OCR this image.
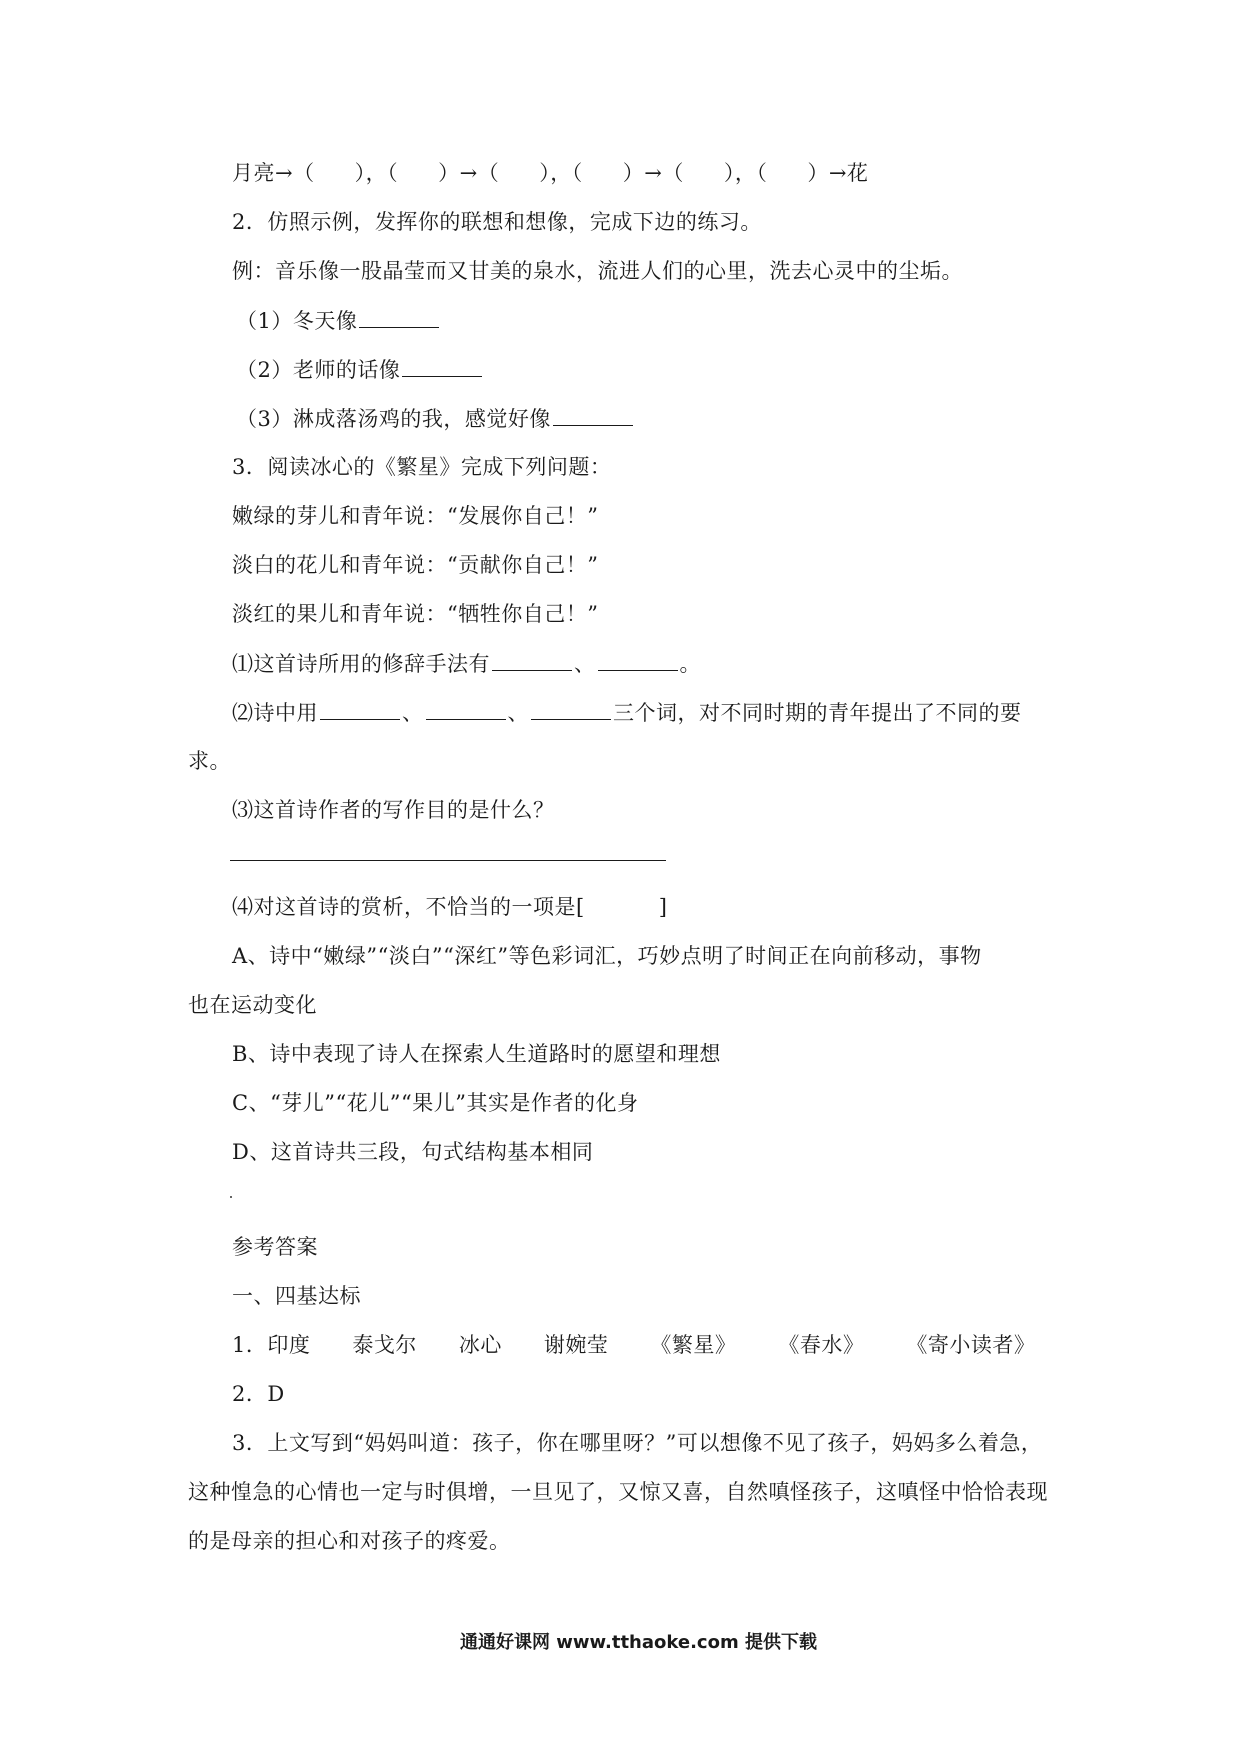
月亮→（ ），（ ）→（ ），（ ）→（ ），（ ）→花
2．仿照示例，发挥你的联想和想像，完成下边的练习。
例：音乐像一股晶莹而又甘美的泉水，流进人们的心里，洗去心灵中的尘垢。
（1）冬天像
（2）老师的话像
（3）淋成落汤鸡的我，感觉好像
3．阅读冰心的《繁星》完成下列问题：
嫩绿的芽儿和青年说：“发展你自己！”
淡白的花儿和青年说：“贡献你自己！”
淡红的果儿和青年说：“牺牲你自己！”
⑴这首诗所用的修辞手法有	、	。
⑵诗中用	、	、	三个词，对不同时期的青年提出了不同的要
求。
⑶这首诗作者的写作目的是什么？
⑷对这首诗的赏析，不恰当的一项是[	]
A、诗中“嫩绿”“淡白”“深红”等色彩词汇，巧妙点明了时间正在向前移动，事物
也在运动变化
B、诗中表现了诗人在探索人生道路时的愿望和理想
C、“芽儿”“花儿”“果儿”其实是作者的化身
D、这首诗共三段，句式结构基本相同
参考答案
一、四基达标
1．印度 泰戈尔 冰心 谢婉莹 《繁星》 《春水》 《寄小读者》
2．D
3．上文写到“妈妈叫道：孩子，你在哪里呀？”可以想像不见了孩子，妈妈多么着急，
这种惶急的心情也一定与时俱增，一旦见了，又惊又喜，自然嗔怪孩子，这嗔怪中恰恰表现
的是母亲的担心和对孩子的疼爱。
通通好课网 www.tthaoke.com 提供下载
